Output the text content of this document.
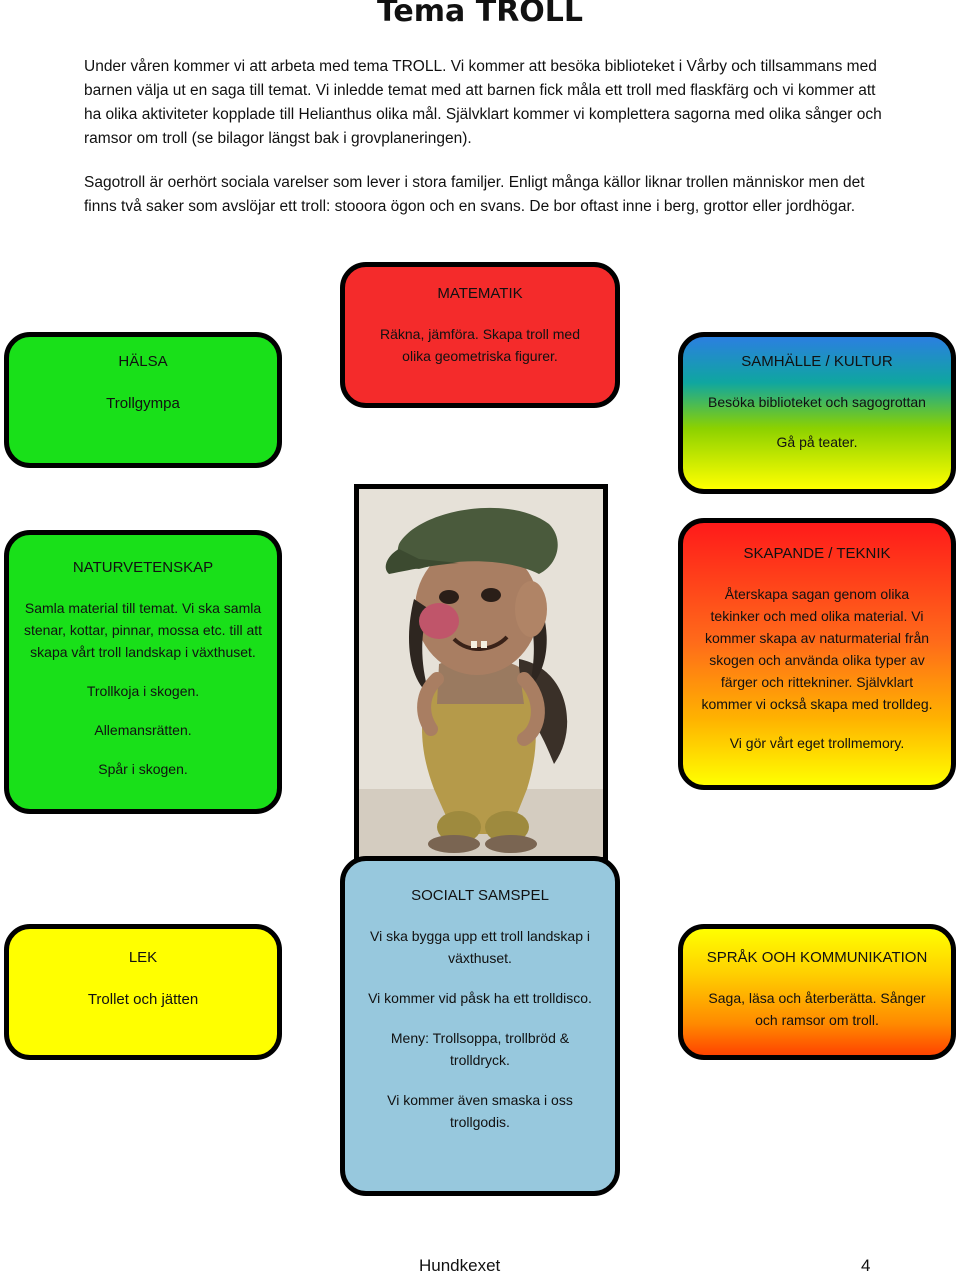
Tema TROLL

Under våren kommer vi att arbeta med tema TROLL. Vi kommer att besöka biblioteket i Vårby och tillsammans med barnen välja ut en saga till temat. Vi inledde temat med att barnen fick måla ett troll med flaskfärg och vi kommer att ha olika aktiviteter kopplade till Helianthus olika mål. Självklart kommer vi komplettera sagorna med olika sånger och ramsor om troll (se bilagor längst bak i grovplaneringen).

Sagotroll är oerhört sociala varelser som lever i stora familjer. Enligt många källor liknar trollen människor men det finns två saker som avslöjar ett troll: stooora ögon och en svans. De bor oftast inne i berg, grottor eller jordhögar.

MATEMATIK

Räkna, jämföra. Skapa troll med olika geometriska figurer.

HÄLSA

Trollgympa

SAMHÄLLE / KULTUR

Besöka biblioteket och sagogrottan

Gå på teater.

NATURVETENSKAP

Samla material till temat. Vi ska samla stenar, kottar, pinnar, mossa etc. till att skapa vårt troll landskap i växthuset.

Trollkoja i skogen.

Allemansrätten.

Spår i skogen.

SKAPANDE / TEKNIK

Återskapa sagan genom olika tekinker och med olika material. Vi kommer skapa av naturmaterial från skogen och använda olika typer av färger och rittekniner. Självklart kommer vi också skapa med trolldeg.

Vi gör vårt eget trollmemory.

SOCIALT SAMSPEL

Vi ska bygga upp ett troll landskap i växthuset.

Vi kommer vid påsk ha ett trolldisco.

Meny: Trollsoppa, trollbröd & trolldryck.

Vi kommer även smaska i oss trollgodis.

LEK

Trollet och jätten

SPRÅK OOH KOMMUNIKATION

Saga, läsa och återberätta. Sånger och ramsor om troll.

Hundkexet	4
